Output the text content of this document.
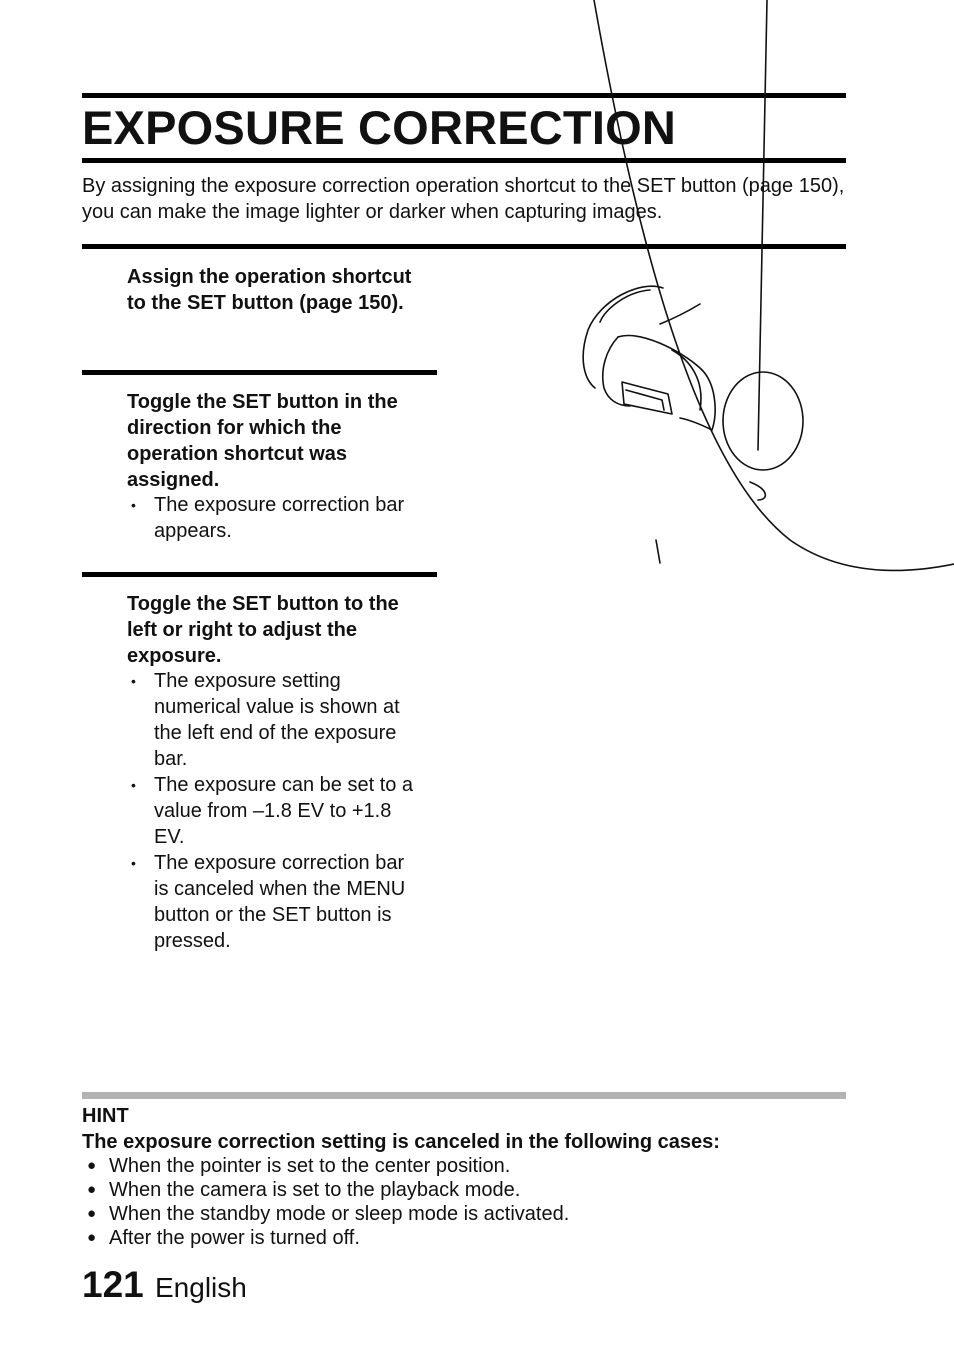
EXPOSURE CORRECTION

By assigning the exposure correction operation shortcut to the SET button (page 150), you can make the image lighter or darker when capturing images.

Assign the operation shortcut to the SET button (page 150).

Toggle the SET button in the direction for which the operation shortcut was assigned.

• The exposure correction bar appears.

Toggle the SET button to the left or right to adjust the exposure.

• The exposure setting numerical value is shown at the left end of the exposure bar.
• The exposure can be set to a value from –1.8 EV to +1.8 EV.
• The exposure correction bar is canceled when the MENU button or the SET button is pressed.

HINT

The exposure correction setting is canceled in the following cases:

● When the pointer is set to the center position.
● When the camera is set to the playback mode.
● When the standby mode or sleep mode is activated.
● After the power is turned off.
121 English
